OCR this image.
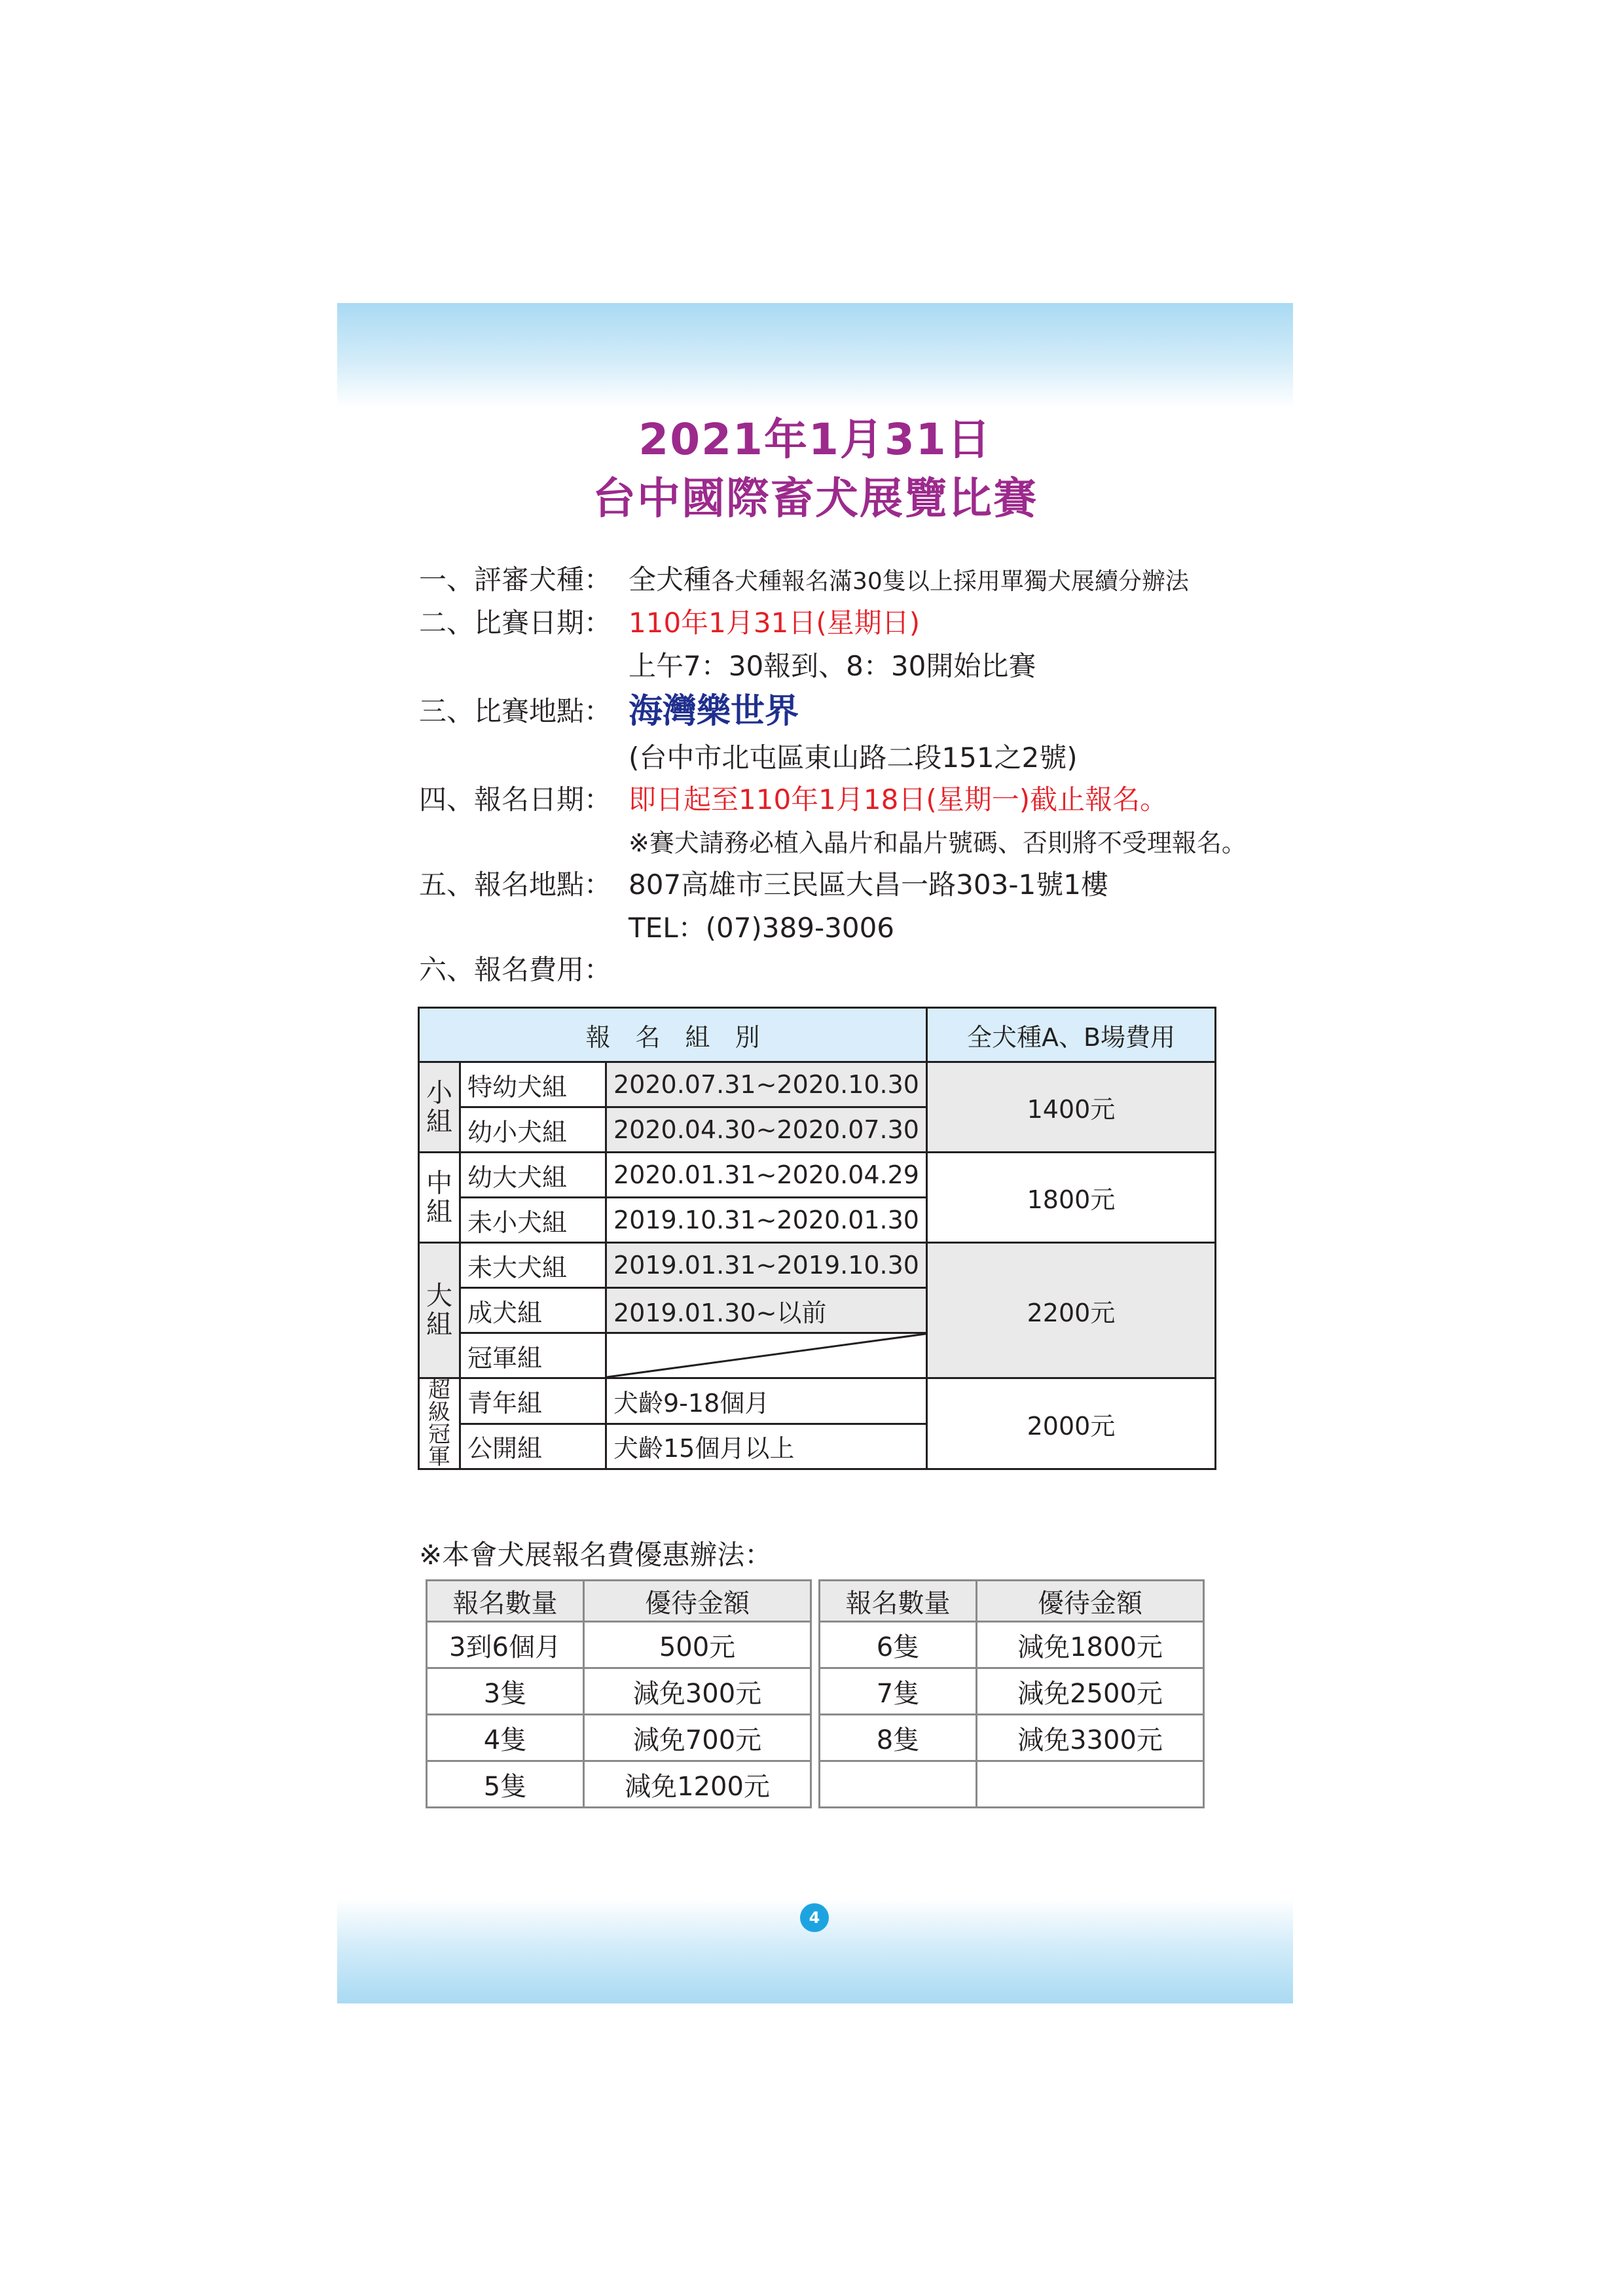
2021年1月31日
台中國際畜犬展覽比賽
一、評審犬種： 全犬種各犬種報名滿30隻以上採用單獨犬展續分辦法
二、比賽日期： 110年1月31日(星期日)
上午7：30報到、8：30開始比賽
三、比賽地點： 海灣樂世界
(台中市北屯區東山路二段151之2號)
四、報名日期： 即日起至110年1月18日(星期一)截止報名。
※賽犬請務必植入晶片和晶片號碼、否則將不受理報名。
五、報名地點： 807高雄市三民區大昌一路303-1號1樓
TEL：(07)389-3006
六、報名費用：
報　名　組　別			全犬種A、B場費用

小
組	特幼犬組	2020.07.31~2020.10.30	1400元
	幼小犬組	2020.04.30~2020.07.30	

中
組	幼大犬組	2020.01.31~2020.04.29	1800元
	未小犬組	2019.10.31~2020.01.30	

大
組	未大犬組	2019.01.31~2019.10.30	2200元
	成犬組	2019.01.30~以前	
	冠軍組	

超
級
冠
軍	青年組	犬齡9-18個月	2000元
	公開組	犬齡15個月以上	
※本會犬展報名費優惠辦法：
報名數量	優待金額
3到6個月	500元
3隻	減免300元
4隻	減免700元
5隻	減免1200元
報名數量	優待金額
6隻	減免1800元
7隻	減免2500元
8隻	減免3300元

4
